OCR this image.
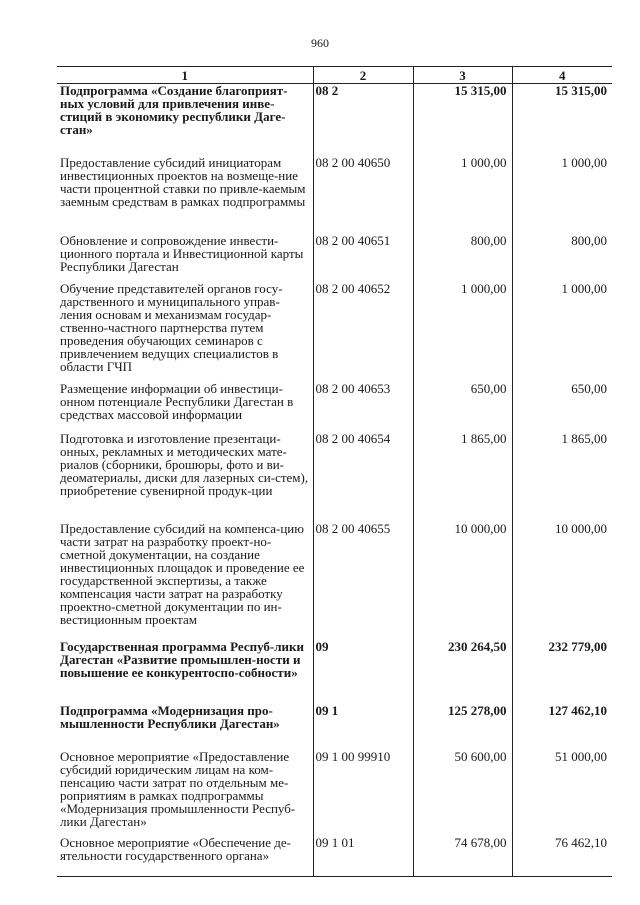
960
1	2	3	4
Подпрограмма «Создание благоприят-ных условий для привлечения инве-стиций в экономику республики Даге-стан»	08 2	15 315,00	15 315,00
Предоставление субсидий инициаторам инвестиционных проектов на возмеще-ние части процентной ставки по привле-каемым заемным средствам в рамках подпрограммы	08 2 00 40650	1 000,00	1 000,00
Обновление и сопровождение инвести-ционного портала и Инвестиционной карты Республики Дагестан	08 2 00 40651	800,00	800,00
Обучение представителей органов госу-дарственного и муниципального управ-ления основам и механизмам государ-ственно-частного партнерства путем проведения обучающих семинаров с привлечением ведущих специалистов в области ГЧП	08 2 00 40652	1 000,00	1 000,00
Размещение информации об инвестици-онном потенциале Республики Дагестан в средствах массовой информации	08 2 00 40653	650,00	650,00
Подготовка и изготовление презентаци-онных, рекламных и методических мате-риалов (сборники, брошюры, фото и ви-деоматериалы, диски для лазерных си-стем), приобретение сувенирной продук-ции	08 2 00 40654	1 865,00	1 865,00
Предоставление субсидий на компенса-цию части затрат на разработку проект-но-сметной документации, на создание инвестиционных площадок и проведение ее государственной экспертизы, а также компенсация части затрат на разработку проектно-сметной документации по ин-вестиционным проектам	08 2 00 40655	10 000,00	10 000,00
Государственная программа Респуб-лики Дагестан «Развитие промышлен-ности и повышение ее конкурентоспо-собности»	09	230 264,50	232 779,00
Подпрограмма «Модернизация про-мышленности Республики Дагестан»	09 1	125 278,00	127 462,10
Основное мероприятие «Предоставление субсидий юридическим лицам на ком-пенсацию части затрат по отдельным ме-роприятиям в рамках подпрограммы «Модернизация промышленности Респуб-лики Дагестан»	09 1 00 99910	50 600,00	51 000,00
Основное мероприятие «Обеспечение де-ятельности государственного органа»	09 1 01	74 678,00	76 462,10
